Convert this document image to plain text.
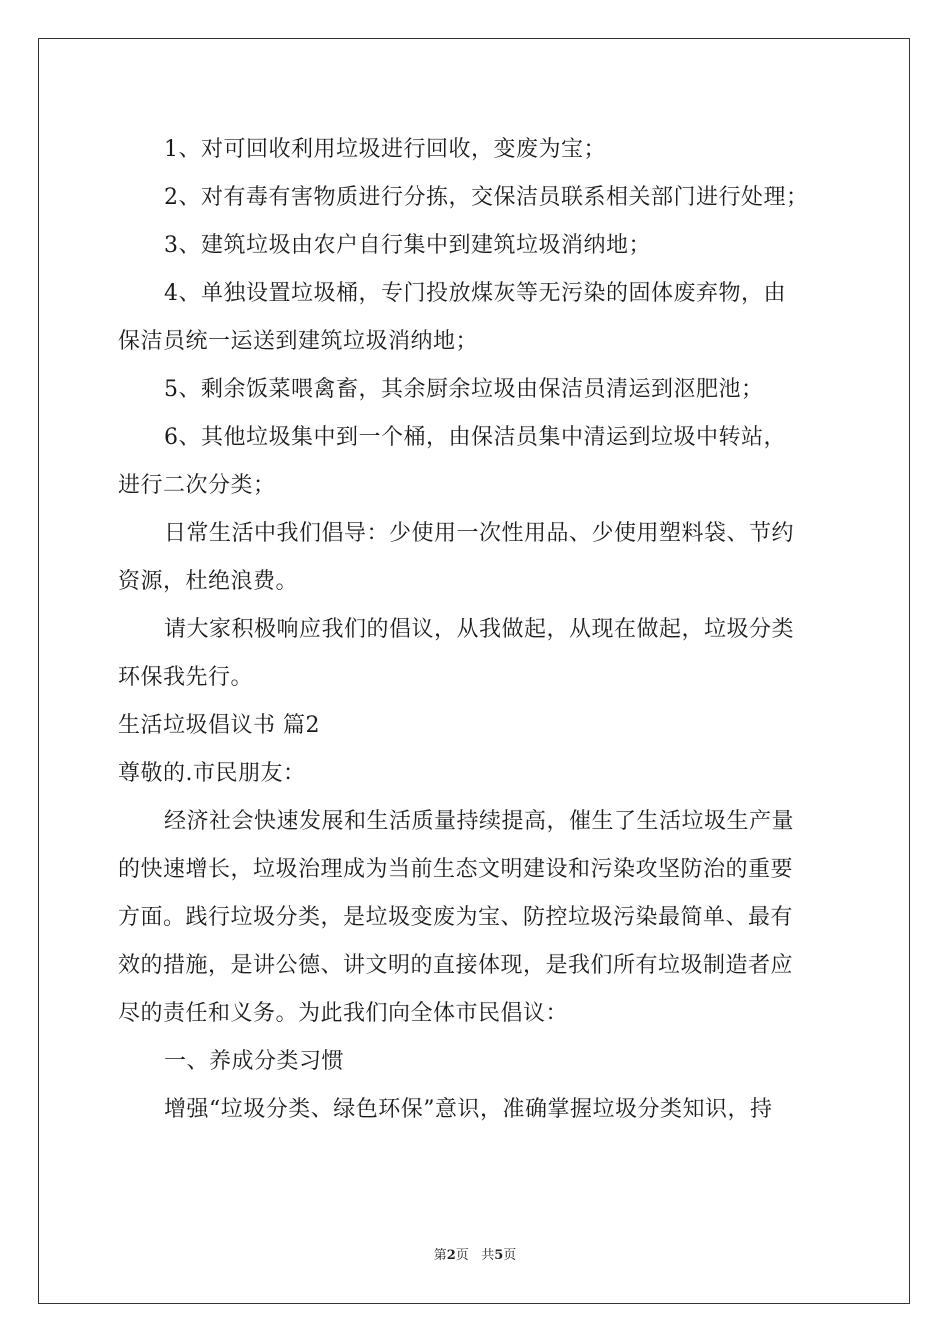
1、对可回收利用垃圾进行回收，变废为宝；
2、对有毒有害物质进行分拣，交保洁员联系相关部门进行处理；
3、建筑垃圾由农户自行集中到建筑垃圾消纳地；
4、单独设置垃圾桶，专门投放煤灰等无污染的固体废弃物，由
保洁员统一运送到建筑垃圾消纳地；
5、剩余饭菜喂禽畜，其余厨余垃圾由保洁员清运到沤肥池；
6、其他垃圾集中到一个桶，由保洁员集中清运到垃圾中转站，
进行二次分类；
日常生活中我们倡导：少使用一次性用品、少使用塑料袋、节约
资源，杜绝浪费。
请大家积极响应我们的倡议，从我做起，从现在做起，垃圾分类
环保我先行。
生活垃圾倡议书 篇2
尊敬的.市民朋友：
经济社会快速发展和生活质量持续提高，催生了生活垃圾生产量
的快速增长，垃圾治理成为当前生态文明建设和污染攻坚防治的重要
方面。践行垃圾分类，是垃圾变废为宝、防控垃圾污染最简单、最有
效的措施，是讲公德、讲文明的直接体现，是我们所有垃圾制造者应
尽的责任和义务。为此我们向全体市民倡议：
一、养成分类习惯
增强“垃圾分类、绿色环保”意识，准确掌握垃圾分类知识，持
第2页 共5页
